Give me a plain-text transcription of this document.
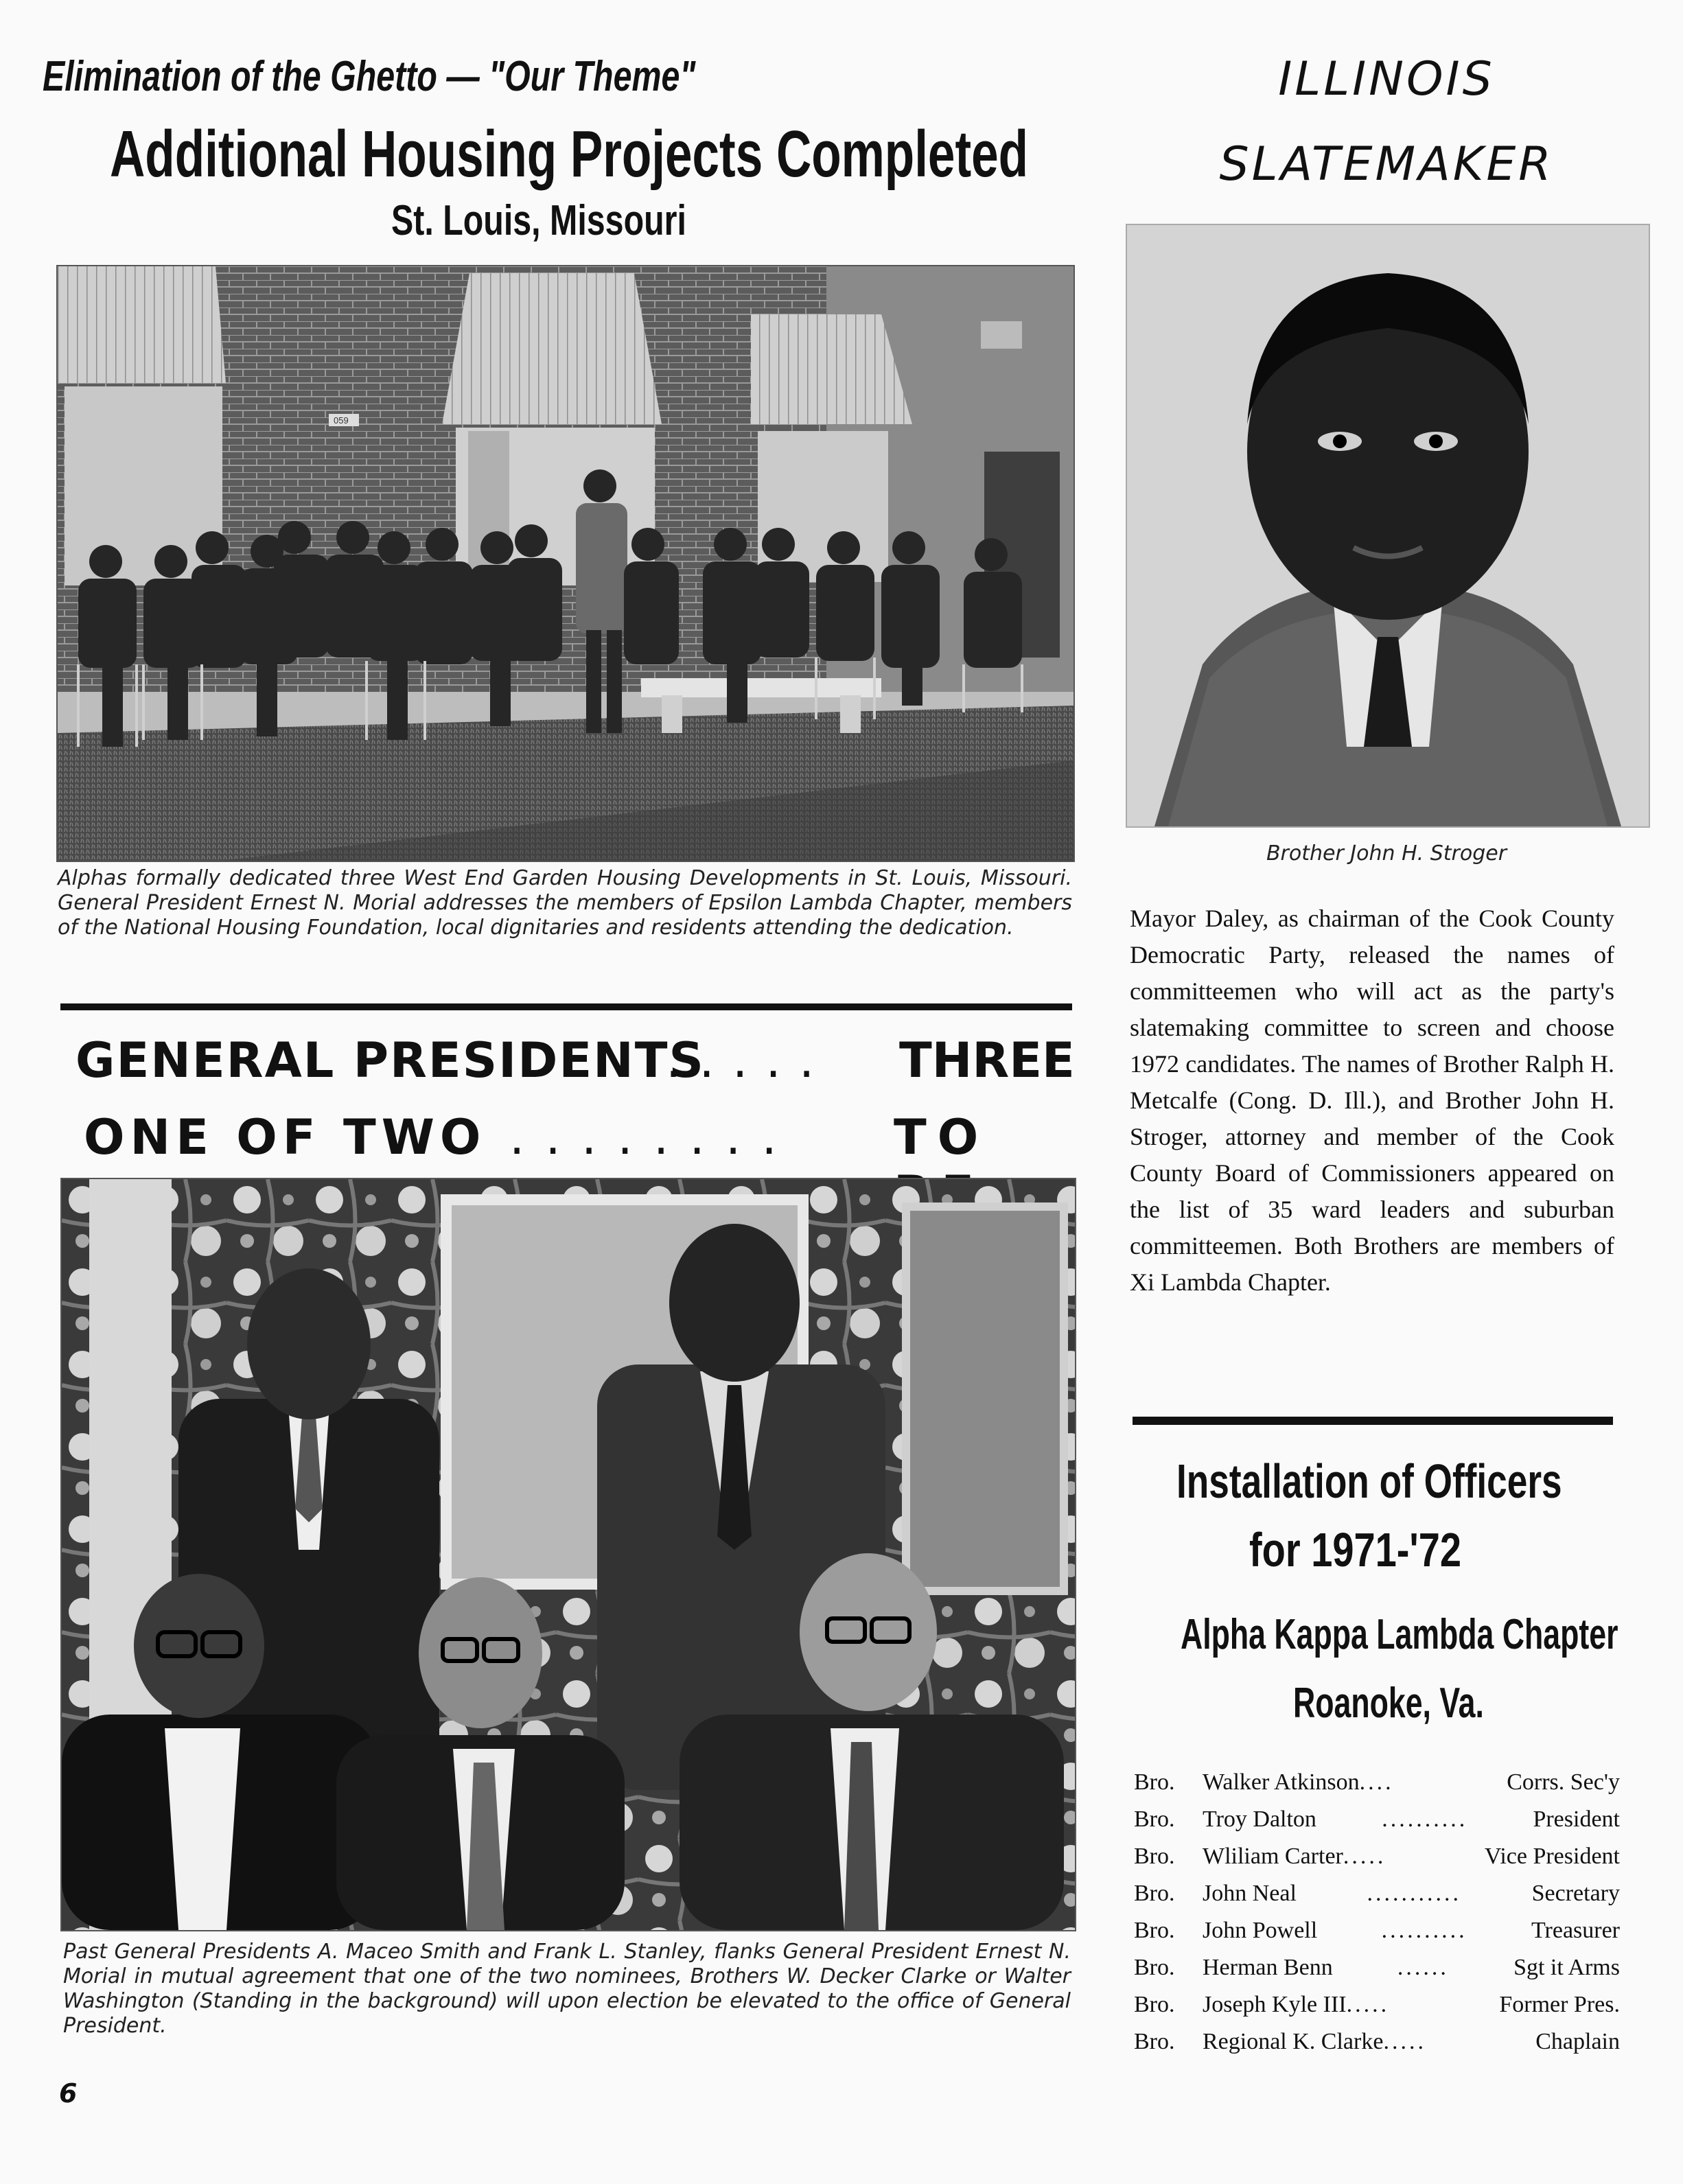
Elimination of the Ghetto — "Our Theme"
Additional Housing Projects Completed
St. Louis, Missouri
059
Alphas formally dedicated three West End Garden Housing Developments in St. Louis, Missouri. General President Ernest N. Morial addresses the members of Epsilon Lambda Chapter, members of the National Housing Foundation, local dignitaries and residents attending the dedication.
GENERAL PRESIDENTS
. . . . . THREE
ONE OF TWO . . . . . . . . TO
Past General Presidents A. Maceo Smith and Frank L. Stanley, flanks General President Ernest N. Morial in mutual agreement that one of the two nominees, Brothers W. Decker Clarke or Walter Washington (Standing in the background) will upon election be elevated to the office of General President.
ILLINOIS
SLATEMAKER
Brother John H. Stroger
Mayor Daley, as chairman of the Cook County Democratic Party, released the names of committeemen who will act as the party's slatemaking committee to screen and choose 1972 candidates. The names of Brother Ralph H. Metcalfe (Cong. D. Ill.), and Brother John H. Stroger, attorney and member of the Cook County Board of Commissioners appeared on the list of 35 ward leaders and suburban committeemen. Both Brothers are members of Xi Lambda Chapter.
Installation of Officers
for 1971-'72
Alpha Kappa Lambda Chapter
Roanoke, Va.
Bro.	Walker Atkinson ....	Corrs. Sec'y
Bro.	Troy Dalton	..........	President
Bro.	Wliliam Carter .....	Vice President
Bro.	John Neal	...........	Secretary
Bro.	John Powell	..........	Treasurer
Bro.	Herman Benn	......	Sgt it Arms
Bro.	Joseph Kyle III .....	Former Pres.
Bro.	Regional K. Clarke .....	Chaplain
6
